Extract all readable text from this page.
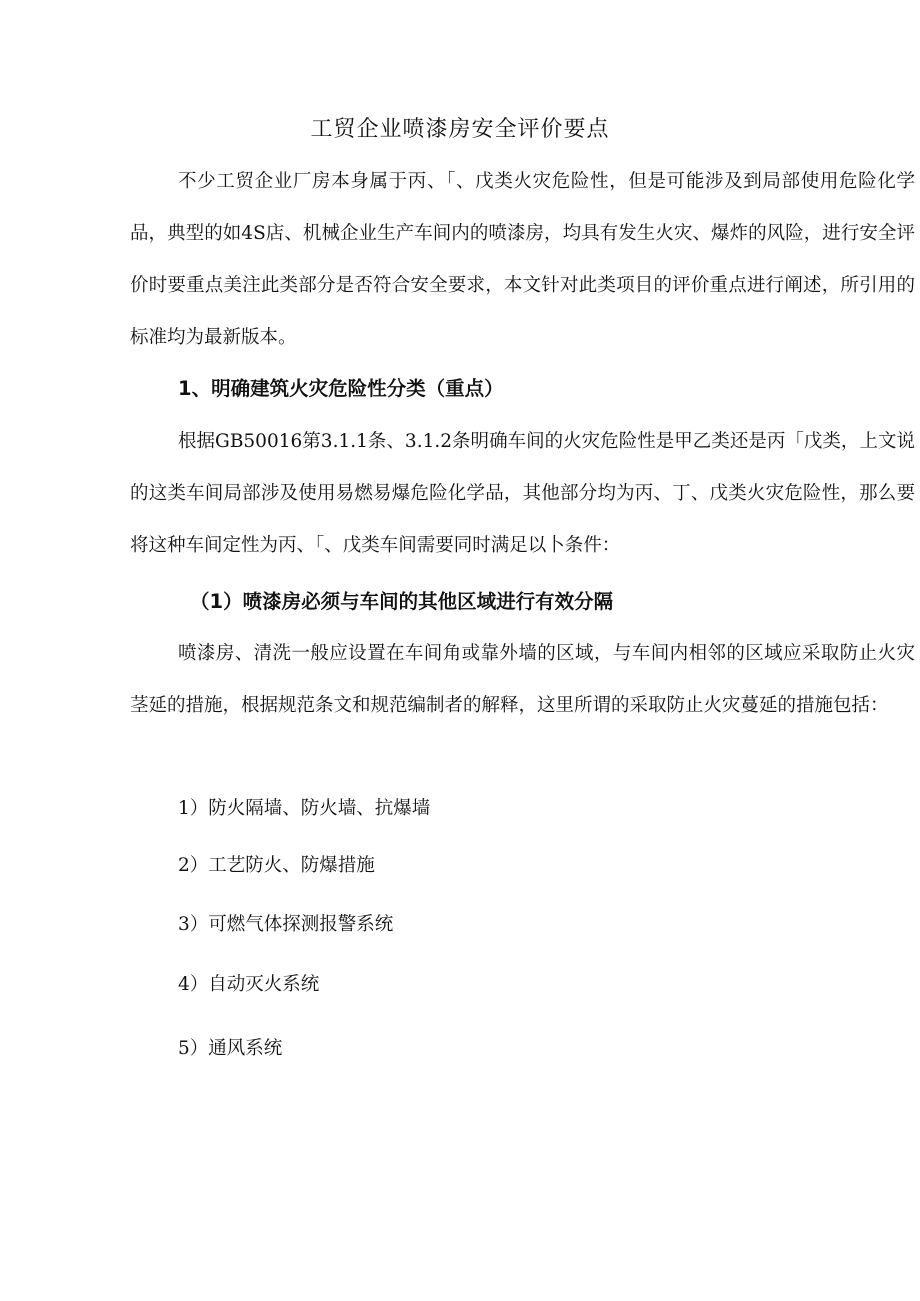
工贸企业喷漆房安全评价要点
不少工贸企业厂房本身属于丙、「、戊类火灾危险性，但是可能涉及到局部使用危险化学品，典型的如4S店、机械企业生产车间内的喷漆房，均具有发生火灾、爆炸的风险，进行安全评价时要重点美注此类部分是否符合安全要求，本文针对此类项目的评价重点进行阐述，所引用的标准均为最新版本。
1、明确建筑火灾危险性分类（重点）
根据GB50016第3.1.1条、3.1.2条明确车间的火灾危险性是甲乙类还是丙「戊类，上文说的这类车间局部涉及使用易燃易爆危险化学品，其他部分均为丙、丁、戊类火灾危险性，那么要将这种车间定性为丙、「、戊类车间需要同时满足以卜条件：
（1）喷漆房必须与车间的其他区域进行有效分隔
喷漆房、清洗一般应设置在车间角或靠外墙的区域，与车间内相邻的区域应采取防止火灾茎延的措施，根据规范条文和规范编制者的解释，这里所谓的采取防止火灾蔓延的措施包括：
1）防火隔墙、防火墙、抗爆墙
2）工艺防火、防爆措施
3）可燃气体探测报警系统
4）自动灭火系统
5）通风系统
